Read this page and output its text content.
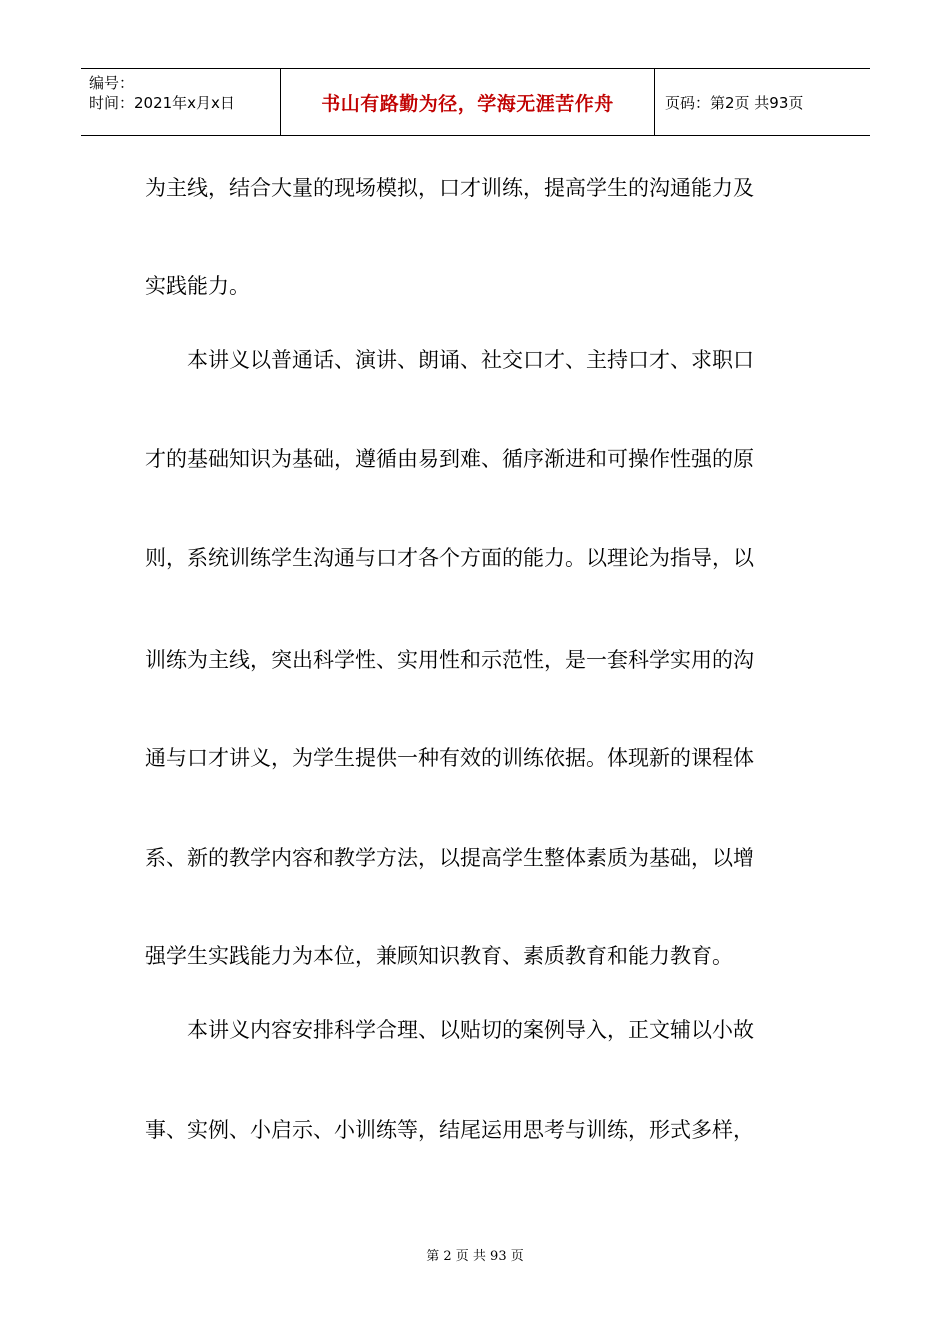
编号：
时间：2021年x月x日	书山有路勤为径，学海无涯苦作舟	页码：第2页 共93页
为主线，结合大量的现场模拟，口才训练，提高学生的沟通能力及
实践能力。
　　本讲义以普通话、演讲、朗诵、社交口才、主持口才、求职口
才的基础知识为基础，遵循由易到难、循序渐进和可操作性强的原
则，系统训练学生沟通与口才各个方面的能力。以理论为指导，以
训练为主线，突出科学性、实用性和示范性，是一套科学实用的沟
通与口才讲义，为学生提供一种有效的训练依据。体现新的课程体
系、新的教学内容和教学方法，以提高学生整体素质为基础，以增
强学生实践能力为本位，兼顾知识教育、素质教育和能力教育。
　　本讲义内容安排科学合理、以贴切的案例导入，正文辅以小故
事、实例、小启示、小训练等，结尾运用思考与训练，形式多样，
第 2 页 共 93 页
